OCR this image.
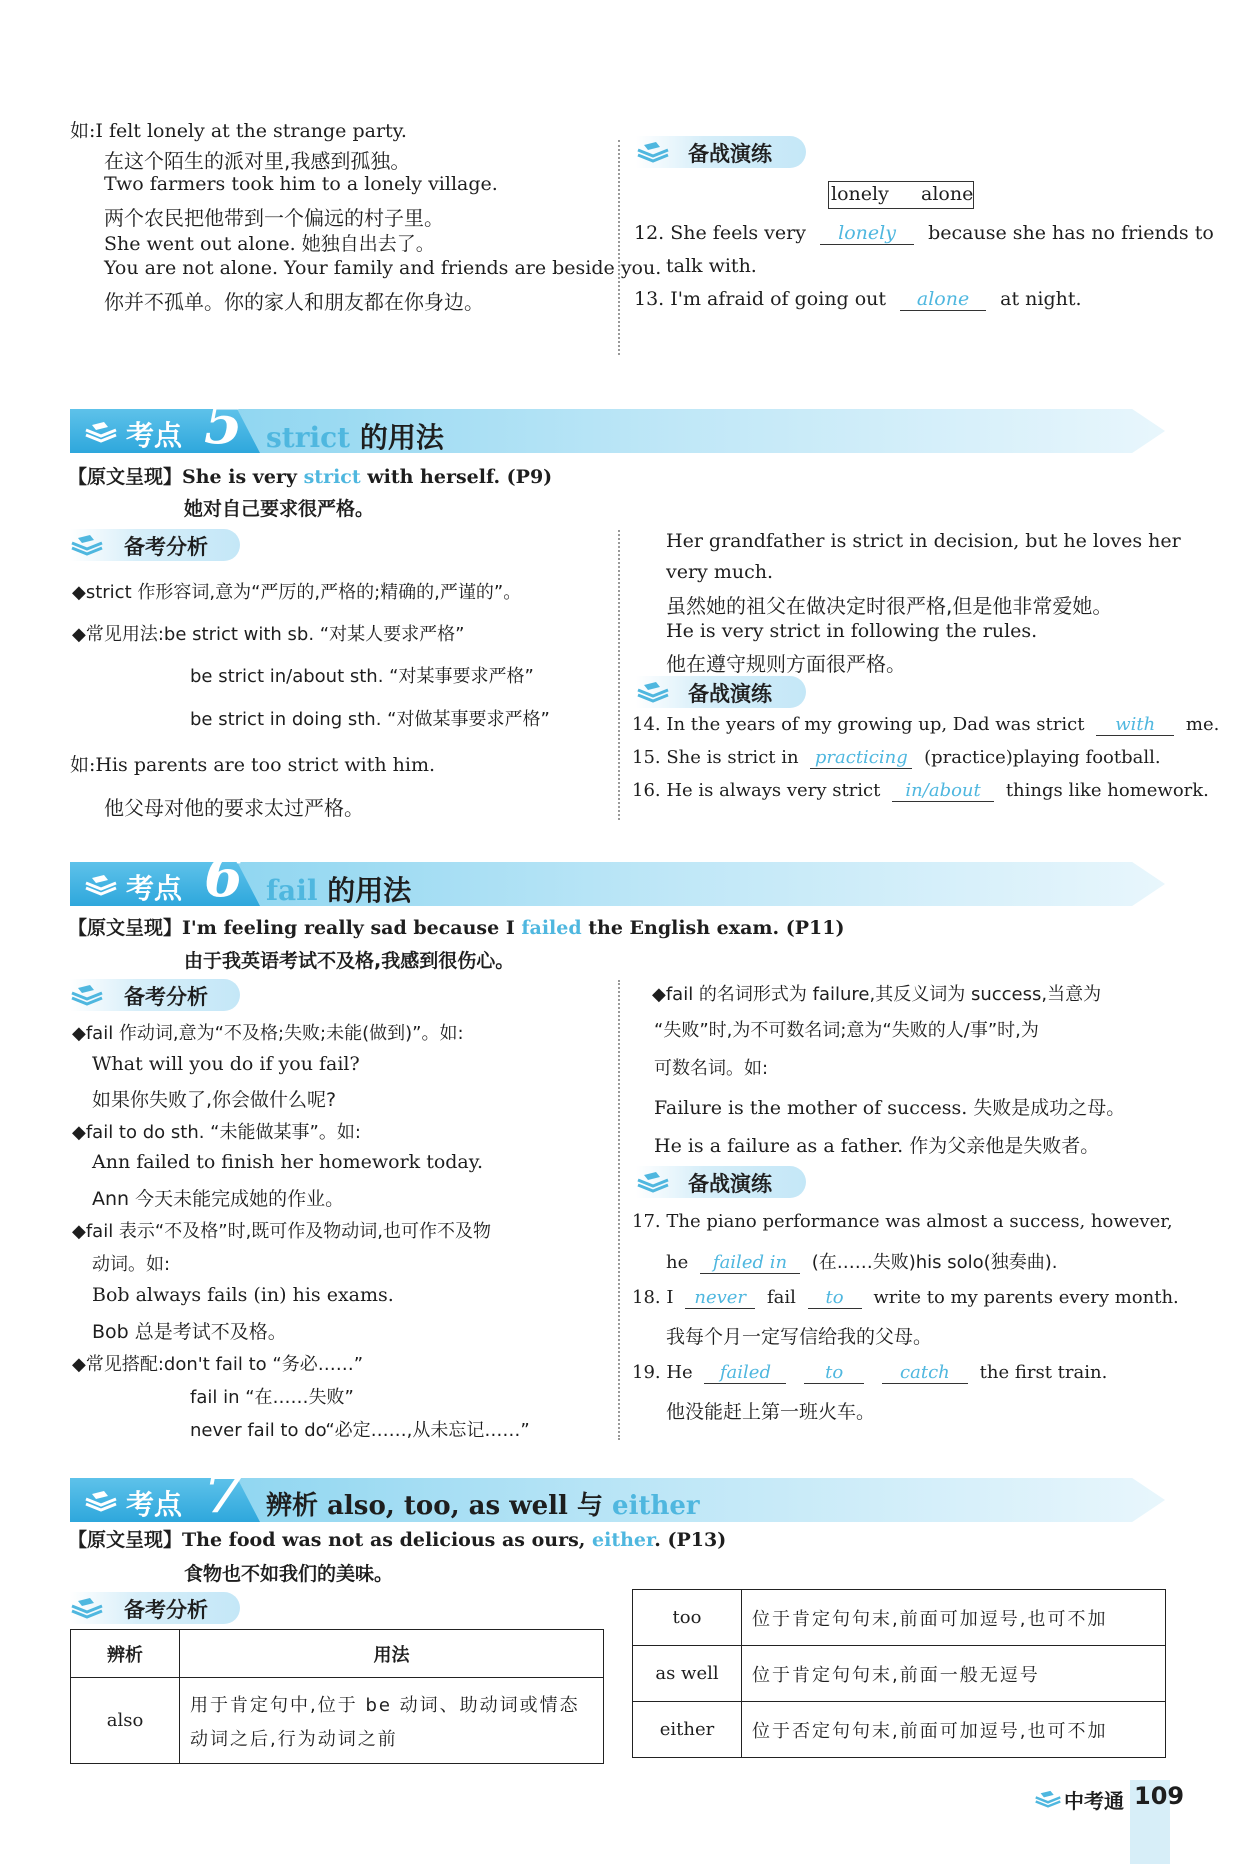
如:I felt lonely at the strange party.
在这个陌生的派对里,我感到孤独。
Two farmers took him to a lonely village.
两个农民把他带到一个偏远的村子里。
She went out alone. 她独自出去了。
You are not alone. Your family and friends are beside you.
你并不孤单。你的家人和朋友都在你身边。
备战演练
lonely alone
12. She feels very lonely because she has no friends to
talk with.
13. I'm afraid of going out alone at night.
考点 5 strict 的用法
【原文呈现】She is very strict with herself. (P9)
她对自己要求很严格。
备考分析
◆strict 作形容词,意为“严厉的,严格的;精确的,严谨的”。
◆常见用法:be strict with sb. “对某人要求严格”
be strict in/about sth. “对某事要求严格”
be strict in doing sth. “对做某事要求严格”
如:His parents are too strict with him.
他父母对他的要求太过严格。
Her grandfather is strict in decision, but he loves her
very much.
虽然她的祖父在做决定时很严格,但是他非常爱她。
He is very strict in following the rules.
他在遵守规则方面很严格。
备战演练
14. In the years of my growing up, Dad was strict with me.
15. She is strict in practicing (practice)playing football.
16. He is always very strict in/about things like homework.
考点 6 fail 的用法
【原文呈现】I'm feeling really sad because I failed the English exam. (P11)
由于我英语考试不及格,我感到很伤心。
备考分析
◆fail 作动词,意为“不及格;失败;未能(做到)”。如:
What will you do if you fail?
如果你失败了,你会做什么呢?
◆fail to do sth. “未能做某事”。如:
Ann failed to finish her homework today.
Ann 今天未能完成她的作业。
◆fail 表示“不及格”时,既可作及物动词,也可作不及物
动词。如:
Bob always fails (in) his exams.
Bob 总是考试不及格。
◆常见搭配:don't fail to “务必……”
fail in “在……失败”
never fail to do“必定……,从未忘记……”
◆fail 的名词形式为 failure,其反义词为 success,当意为
“失败”时,为不可数名词;意为“失败的人/事”时,为
可数名词。如:
Failure is the mother of success. 失败是成功之母。
He is a failure as a father. 作为父亲他是失败者。
备战演练
17. The piano performance was almost a success, however,
he failed in (在……失败)his solo(独奏曲).
18. I never fail to write to my parents every month.
我每个月一定写信给我的父母。
19. He failed	to	catch the first train.
他没能赶上第一班火车。
考点 7 辨析 also, too, as well 与 either
【原文呈现】The food was not as delicious as ours, either. (P13)
食物也不如我们的美味。
备考分析
辨析	用法
also	用于肯定句中,位于 be 动词、助动词或情态
动词之后,行为动词之前
too	位于肯定句句末,前面可加逗号,也可不加
as well	位于肯定句句末,前面一般无逗号
either	位于否定句句末,前面可加逗号,也可不加
中考通 109
